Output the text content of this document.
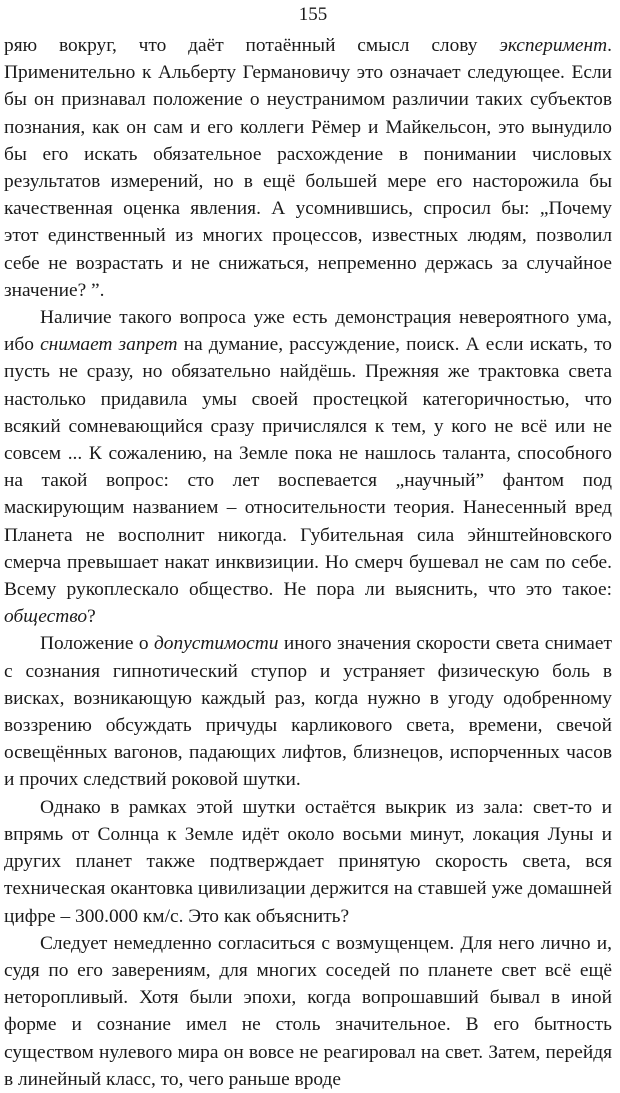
155

ряю вокруг, что даёт потаённый смысл слову эксперимент. Применительно к Альберту Германовичу это означает следующее. Если бы он признавал положение о неустранимом различии таких субъектов познания, как он сам и его коллеги Рёмер и Майкельсон, это вынудило бы его искать обязательное расхождение в понимании числовых результатов измерений, но в ещё большей мере его насторожила бы качественная оценка явления. А усомнившись, спросил бы: „Почему этот единственный из многих процессов, известных людям, позволил себе не возрастать и не снижаться, непременно держась за случайное значение? ”.

Наличие такого вопроса уже есть демонстрация невероятного ума, ибо снимает запрет на думание, рассуждение, поиск. А если искать, то пусть не сразу, но обязательно найдёшь. Прежняя же трактовка света настолько придавила умы своей простецкой категоричностью, что всякий сомневающийся сразу причислялся к тем, у кого не всё или не совсем ... К сожалению, на Земле пока не нашлось таланта, способного на такой вопрос: сто лет воспевается „научный” фантом под маскирующим названием – относительности теория. Нанесенный вред Планета не восполнит никогда. Губительная сила эйнштейновского смерча превышает накат инквизиции. Но смерч бушевал не сам по себе. Всему рукоплескало общество. Не пора ли выяснить, что это такое: общество?

Положение о допустимости иного значения скорости света снимает с сознания гипнотический ступор и устраняет физическую боль в висках, возникающую каждый раз, когда нужно в угоду одобренному воззрению обсуждать причуды карликового света, времени, свечой освещённых вагонов, падающих лифтов, близнецов, испорченных часов и прочих следствий роковой шутки.

Однако в рамках этой шутки остаётся выкрик из зала: свет-то и впрямь от Солнца к Земле идёт около восьми минут, локация Луны и других планет также подтверждает принятую скорость света, вся техническая окантовка цивилизации держится на ставшей уже домашней цифре – 300.000 км/с. Это как объяснить?

Следует немедленно согласиться с возмущенцем. Для него лично и, судя по его заверениям, для многих соседей по планете свет всё ещё неторопливый. Хотя были эпохи, когда вопрошавший бывал в иной форме и сознание имел не столь значительное. В его бытность существом нулевого мира он вовсе не реагировал на свет. Затем, перейдя в линейный класс, то, чего раньше вроде
